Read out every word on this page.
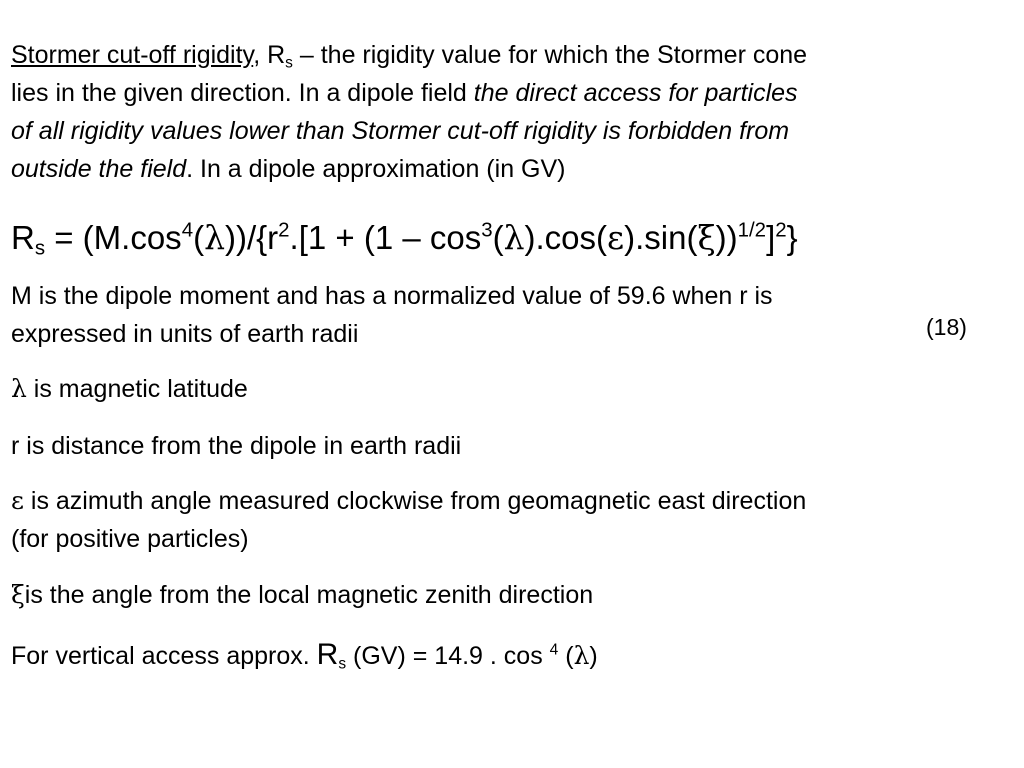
Stormer cut-off rigidity, $R_s$ – the rigidity value for which the Stormer cone
lies in the given direction. In a dipole field the direct access for particles
of all rigidity values lower than Stormer cut-off rigidity is forbidden from
outside the field. In a dipole approximation (in GV)
$R_s = (M.\cos^4(\lambda))/\{r^2.[1 + (1 - \cos^3(\lambda).\cos(\varepsilon).\sin(\xi))^{1/2}]^2\}$
M is the dipole moment and has a normalized value of 59.6 when r is
expressed in units of earth radii	(18)
λ is magnetic latitude
r is distance from the dipole in earth radii
ε is azimuth angle measured clockwise from geomagnetic east direction
(for positive particles)
ξis the angle from the local magnetic zenith direction
For vertical access approx. $R_s$ (GV) = 14.9 . cos $^4$ (λ)
